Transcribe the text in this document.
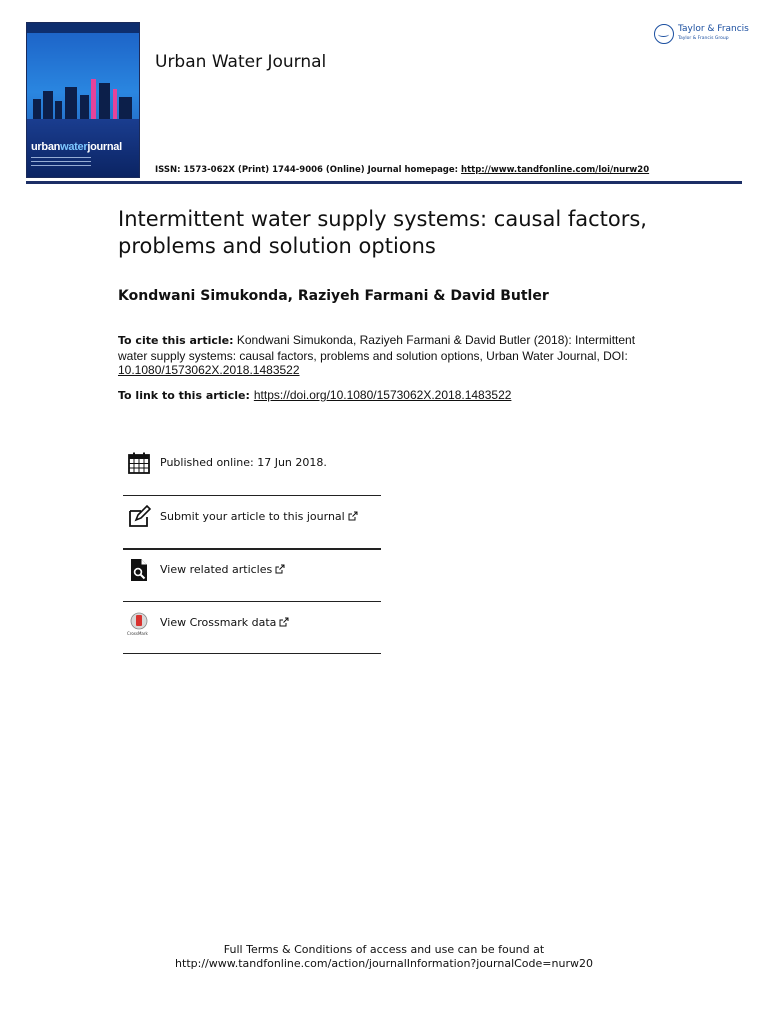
urbanwaterjournal
Urban Water Journal
Taylor & Francis
Taylor & Francis Group
ISSN: 1573-062X (Print) 1744-9006 (Online) Journal homepage: http://www.tandfonline.com/loi/nurw20
Intermittent water supply systems: causal factors, problems and solution options
Kondwani Simukonda, Raziyeh Farmani & David Butler
To cite this article: Kondwani Simukonda, Raziyeh Farmani & David Butler (2018): Intermittent water supply systems: causal factors, problems and solution options, Urban Water Journal, DOI: 10.1080/1573062X.2018.1483522
To link to this article: https://doi.org/10.1080/1573062X.2018.1483522
Published online: 17 Jun 2018.
Submit your article to this journal
View related articles
CrossMark
View Crossmark data
Full Terms & Conditions of access and use can be found at
http://www.tandfonline.com/action/journalInformation?journalCode=nurw20
